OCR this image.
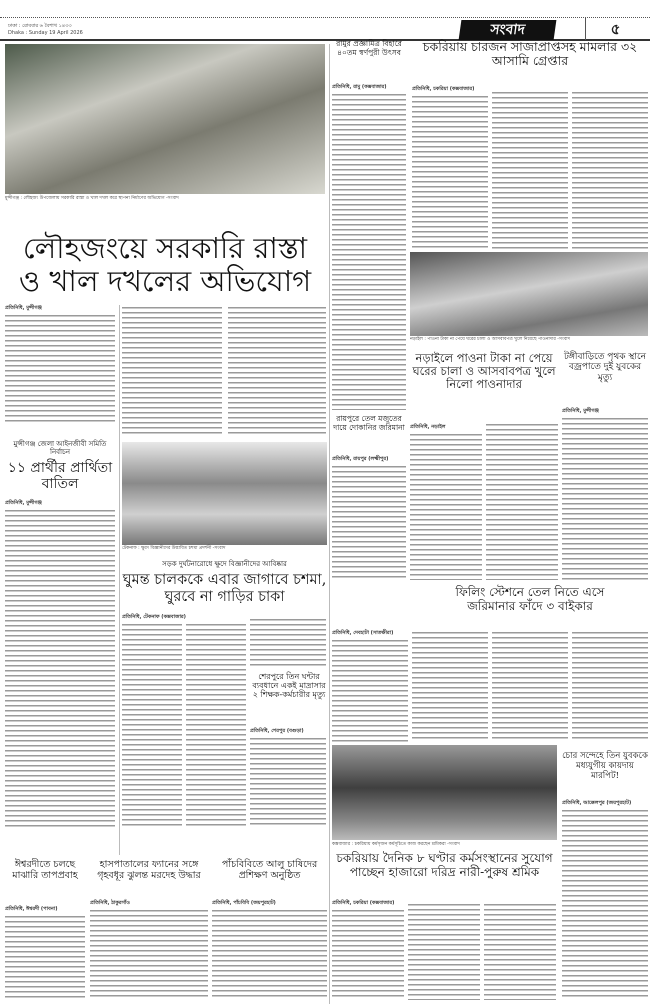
ঢাকা : রোববার ৬ বৈশাখ ১৪৩৩
Dhaka : Sunday 19 April 2026	সংবাদ	৫
মুন্সীগঞ্জ : লৌহজং উপজেলায় সরকারি রাস্তা ও খাল দখল করে স্থাপনা নির্মাণের অভিযোগ -সংবাদ
লৌহজংয়ে সরকারি রাস্তা ও খাল দখলের অভিযোগ
প্রতিনিধি, মুন্সীগঞ্জ
মুন্সীগঞ্জ জেলা আইনজীবী সমিতি নির্বাচন
১১ প্রার্থীর প্রার্থিতা বাতিল
প্রতিনিধি, মুন্সীগঞ্জ
টেকনাফ : ক্ষুদে বিজ্ঞানীদের উদ্ভাবিত চশমা প্রদর্শনী -সংবাদ
সড়ক দুর্ঘটনারোধে ক্ষুদে বিজ্ঞানীদের আবিষ্কার
ঘুমন্ত চালককে এবার জাগাবে চশমা, ঘুরবে না গাড়ির চাকা
প্রতিনিধি, টেকনাফ (কক্সবাজার)
শেরপুরে তিন ঘন্টার ব্যবধানে একই মাদ্রাসার ২ শিক্ষক-কর্মচারীর মৃত্যু
প্রতিনিধি, শেরপুর (বগুড়া)
রামুর প্রজ্ঞামিত্র বিহারে ৪০তম স্বর্ণপুরী উৎসব
প্রতিনিধি, রামু (কক্সবাজার)
রায়পুরে তেল মজুতের দায়ে দোকানির জরিমানা
প্রতিনিধি, রায়পুর (লক্ষ্মীপুর)
চকরিয়ায় চারজন সাজাপ্রাপ্তসহ মামলার ৩২ আসামি গ্রেপ্তার
প্রতিনিধি, চকরিয়া (কক্সবাজার)
নড়াইল : পাওনা টাকা না পেয়ে ঘরের চালা ও আসবাবপত্র খুলে নিয়েছে পাওনাদার -সংবাদ
নড়াইলে পাওনা টাকা না পেয়ে ঘরের চালা ও আসবাবপত্র খুলে নিলো পাওনাদার
প্রতিনিধি, নড়াইল
টঙ্গীবাড়িতে পৃথক স্থানে বজ্রপাতে দুই যুবকের মৃত্যু
প্রতিনিধি, মুন্সীগঞ্জ
ফিলিং স্টেশনে তেল নিতে এসে জরিমানার ফাঁদে ৩ বাইকার
প্রতিনিধি, দেবহাটা (সাতক্ষীরা)
কক্সবাজার : চকরিয়ায় কর্মসৃজন কর্মসূচিতে কাজ করছেন শ্রমিকরা -সংবাদ
চোর সন্দেহে তিন যুবককে মধ্যযুগীয় কায়দায় মারপিট!
প্রতিনিধি, আক্কেলপুর (জয়পুরহাট)
চকরিয়ায় দৈনিক ৮ ঘণ্টার কর্মসংস্থানের সুযোগ পাচ্ছেন হাজারো দরিদ্র নারী-পুরুষ শ্রমিক
প্রতিনিধি, চকরিয়া (কক্সবাজার)
ঈশ্বরদীতে চলছে মাঝারি তাপপ্রবাহ
প্রতিনিধি, ঈশ্বরদী (পাবনা)
হাসপাতালের ফ্যানের সঙ্গে গৃহবধূর ঝুলন্ত মরদেহ উদ্ধার
প্রতিনিধি, ঠাকুরগাঁও
পাঁচবিবিতে আলু চাষিদের প্রশিক্ষণ অনুষ্ঠিত
প্রতিনিধি, পাঁচবিবি (জয়পুরহাট)
